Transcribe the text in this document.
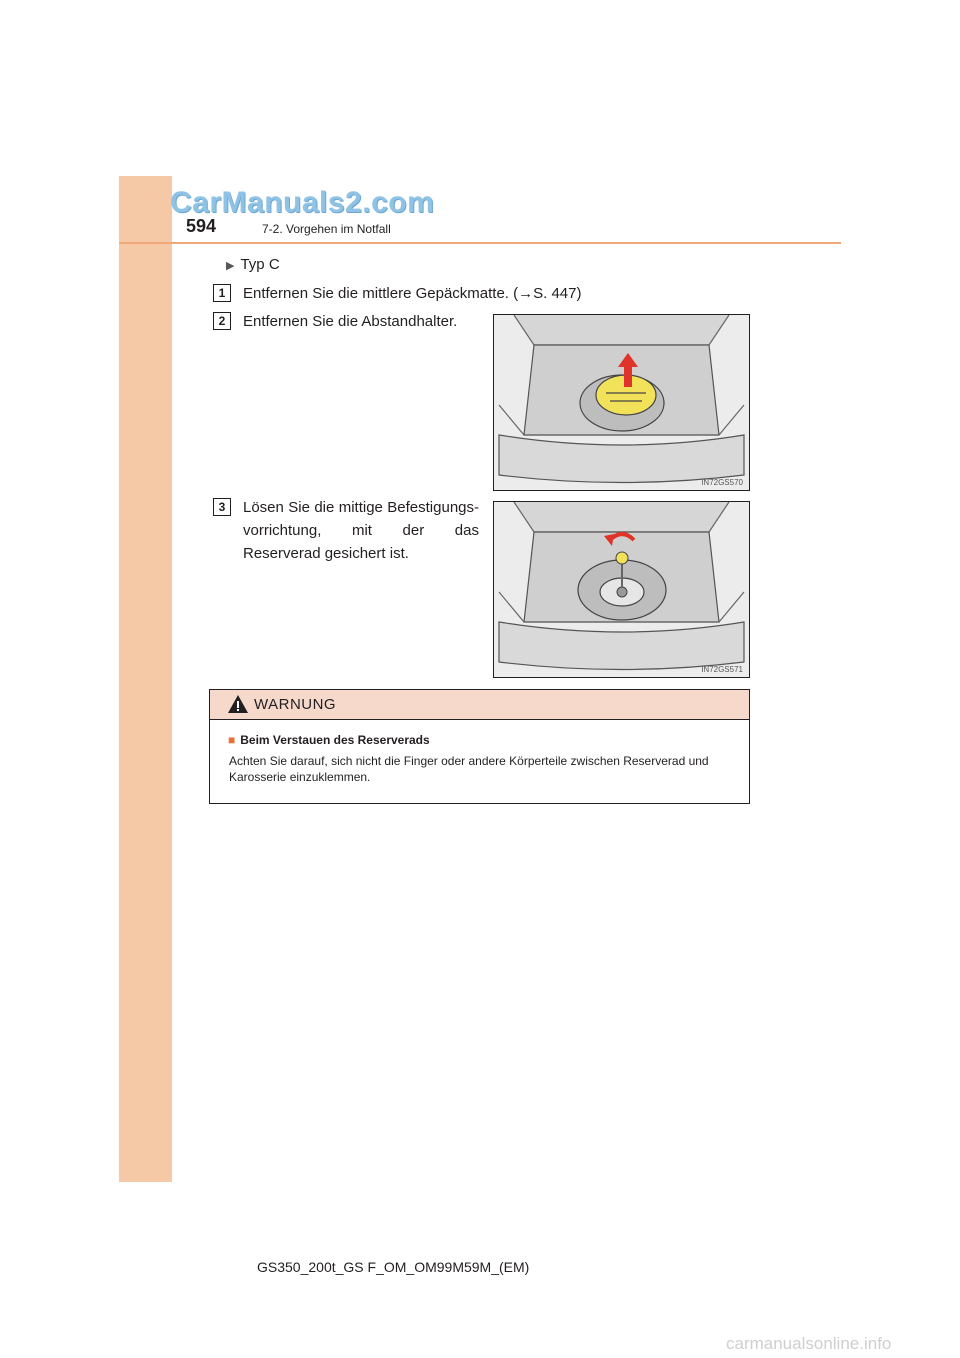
CarManuals2.com
594	7-2. Vorgehen im Notfall
▶ Typ C
1	Entfernen Sie die mittlere Gepäckmatte. (→S. 447)
2	Entfernen Sie die Abstandhalter.
3	Lösen Sie die mittige Befestigungs-vorrichtung, mit der das Reserverad gesichert ist.
IN72GS570
IN72GS571
WARNUNG
■ Beim Verstauen des Reserverads
Achten Sie darauf, sich nicht die Finger oder andere Körperteile zwischen Reserverad und Karosserie einzuklemmen.
GS350_200t_GS F_OM_OM99M59M_(EM)
carmanualsonline.info
